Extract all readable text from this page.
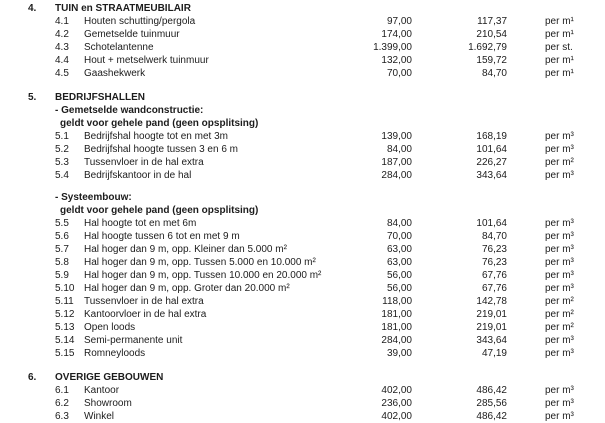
4.	TUIN en STRAATMEUBILAIR
4.1	Houten schutting/pergola	97,00	117,37	per m¹
4.2	Gemetselde tuinmuur	174,00	210,54	per m¹
4.3	Schotelantenne	1.399,00	1.692,79	per st.
4.4	Hout + metselwerk tuinmuur	132,00	159,72	per m¹
4.5	Gaashekwerk	70,00	84,70	per m¹
5.	BEDRIJFSHALLEN
- Gemetselde wandconstructie:
geldt voor gehele pand (geen opsplitsing)
5.1	Bedrijfshal hoogte tot en met 3m	139,00	168,19	per m³
5.2	Bedrijfshal hoogte tussen 3 en 6 m	84,00	101,64	per m³
5.3	Tussenvloer in de hal extra	187,00	226,27	per m²
5.4	Bedrijfskantoor in de hal	284,00	343,64	per m³
- Systeembouw:
geldt voor gehele pand (geen opsplitsing)
5.5	Hal hoogte tot en met 6m	84,00	101,64	per m³
5.6	Hal hoogte tussen 6 tot en met 9 m	70,00	84,70	per m³
5.7	Hal hoger dan 9 m, opp. Kleiner dan 5.000 m²	63,00	76,23	per m³
5.8	Hal hoger dan 9 m, opp. Tussen 5.000 en 10.000 m²	63,00	76,23	per m³
5.9	Hal hoger dan 9 m, opp. Tussen 10.000 en 20.000 m²	56,00	67,76	per m³
5.10 Hal hoger dan 9 m, opp. Groter dan 20.000 m²	56,00	67,76	per m³
5.11	Tussenvloer in de hal extra	118,00	142,78	per m²
5.12 Kantoorvloer in de hal extra	181,00	219,01	per m²
5.13 Open loods	181,00	219,01	per m²
5.14 Semi-permanente unit	284,00	343,64	per m³
5.15 Romneyloods	39,00	47,19	per m³
6.	OVERIGE GEBOUWEN
6.1	Kantoor	402,00	486,42	per m³
6.2	Showroom	236,00	285,56	per m³
6.3	Winkel	402,00	486,42	per m³
